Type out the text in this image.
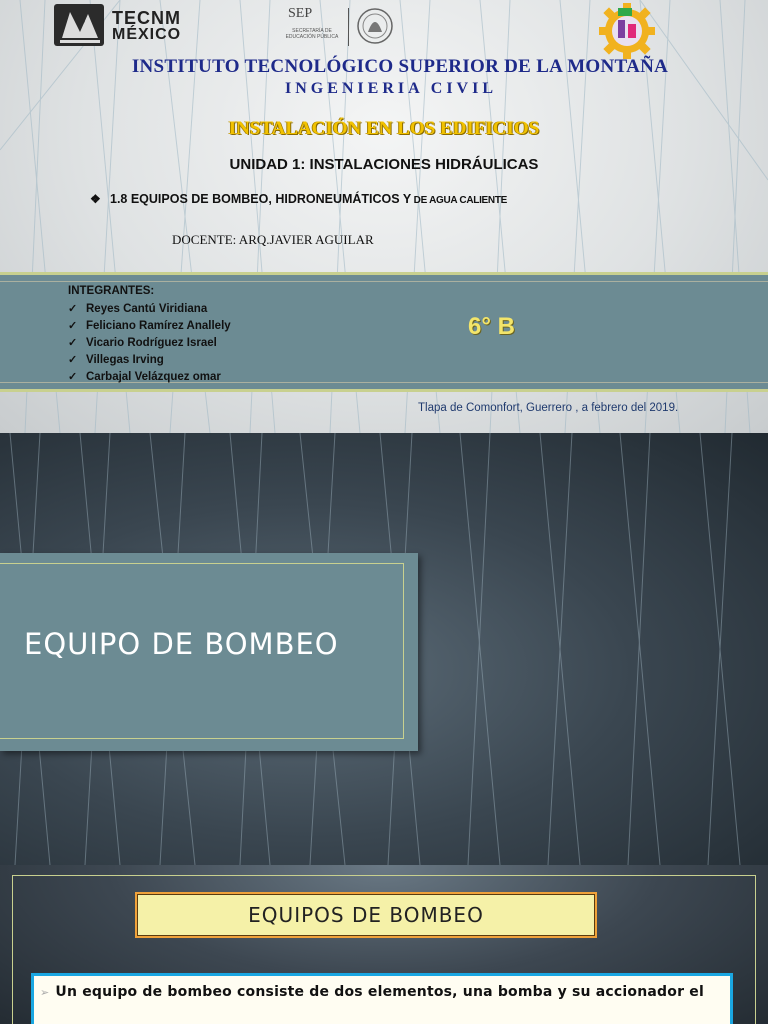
TECNM
MÉXICO
SEP
SECRETARÍA DE EDUCACIÓN PÚBLICA
INSTITUTO TECNOLÓGICO SUPERIOR DE LA MONTAÑA
INGENIERIA CIVIL
INSTALACIÓN EN LOS EDIFICIOS
UNIDAD 1: INSTALACIONES HIDRÁULICAS
❖ 1.8 EQUIPOS DE BOMBEO, HIDRONEUMÁTICOS Y DE AGUA CALIENTE
DOCENTE: ARQ.JAVIER AGUILAR
INTEGRANTES:
✓ Reyes Cantú Viridiana
✓ Feliciano Ramírez Anallely
✓ Vicario Rodríguez Israel
✓ Villegas Irving
✓ Carbajal Velázquez omar
6° B
Tlapa de Comonfort, Guerrero , a febrero del 2019.
EQUIPO DE BOMBEO
EQUIPOS DE BOMBEO
➢ Un equipo de bombeo consiste de dos elementos, una bomba y su accionador el
